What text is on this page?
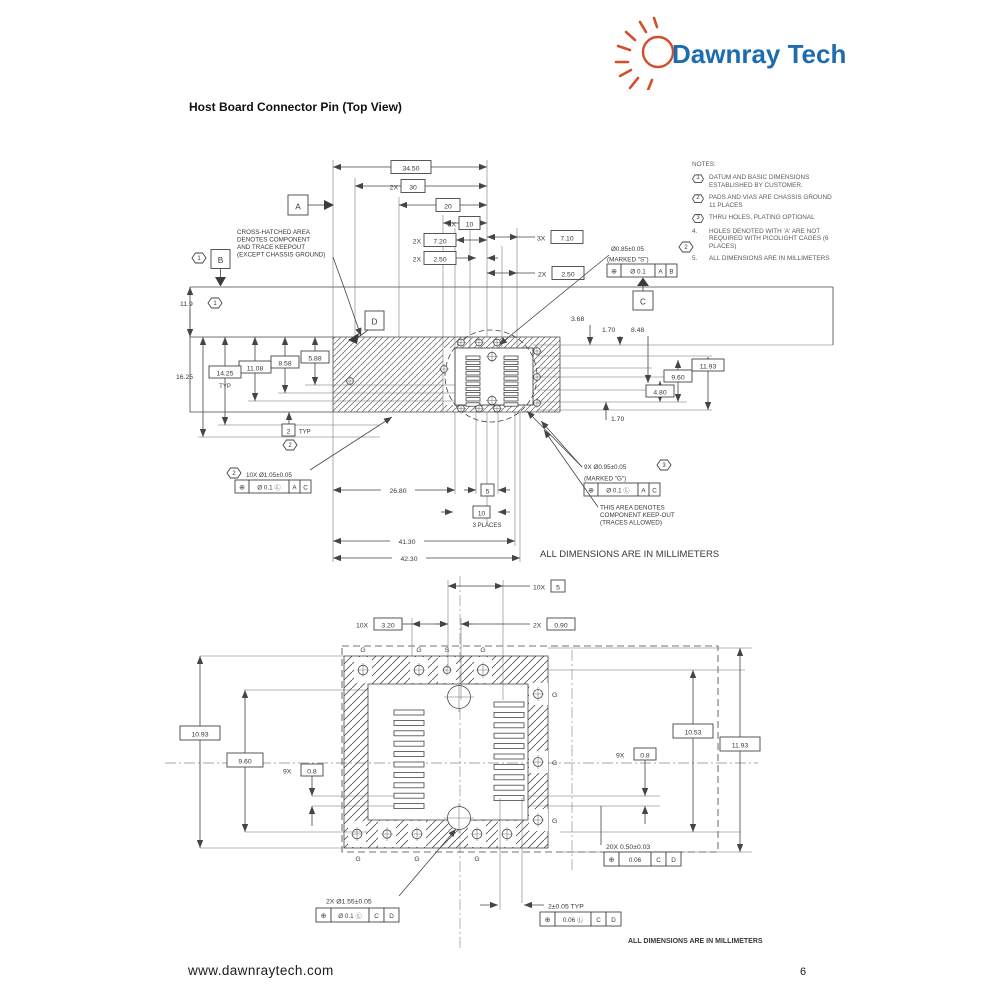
Dawnray Tech
Host Board Connector Pin (Top View)
NOTES:
1	DATUM AND BASIC DIMENSIONS ESTABLISHED BY CUSTOMER.
2	PADS AND VIAS ARE CHASSIS GROUND 11 PLACES
3	THRU HOLES, PLATING OPTIONAL
4.	HOLES DENOTED WITH 'A' ARE NOT REQUIRED WITH PICOLIGHT CAGES (6 PLACES)
5.	ALL DIMENSIONS ARE IN MILLIMETERS
34.50
2X 30
20
3X 10
2X 7.20	3X 7.10
2X 2.50
2X 2.50
A
1 B
11.9	1
5.88
8.58
11.08
14.25
TYP
16.25
2 TYP
2
3.68
1.70 8.48
4.80
9.60
11.93
1.70
26.80	5
10
3 PLACES
41.30
42.30
2 10X Ø1.05±0.05
⊕ Ø 0.1 Ⓛ A C
Ø0.85±0.05	2
(MARKED "S")
⊕ Ø 0.1 A B
C
9X Ø0.95±0.05	3
(MARKED "G")
⊕ Ø 0.1 Ⓛ A C
CROSS-HATCHED AREA
DENOTES COMPONENT
AND TRACE KEEPOUT
(EXCEPT CHASSIS GROUND)
D
THIS AREA DENOTES
COMPONENT KEEP-OUT
(TRACES ALLOWED)
ALL DIMENSIONS ARE IN MILLIMETERS
G	G	S	G
G	G	G
G
G
G
10X 5
10X 3.20	2X 0.90
10.93
9.60
9X 0.8
10.53
11.93
9X 0.8
20X 0.50±0.03
⊕ 0.06 C D
2X Ø1.55±0.05
⊕ Ø 0.1 Ⓛ C D
2±0.05 TYP
⊕ 0.06 Ⓛ C D
ALL DIMENSIONS ARE IN MILLIMETERS
www.dawnraytech.com	6
